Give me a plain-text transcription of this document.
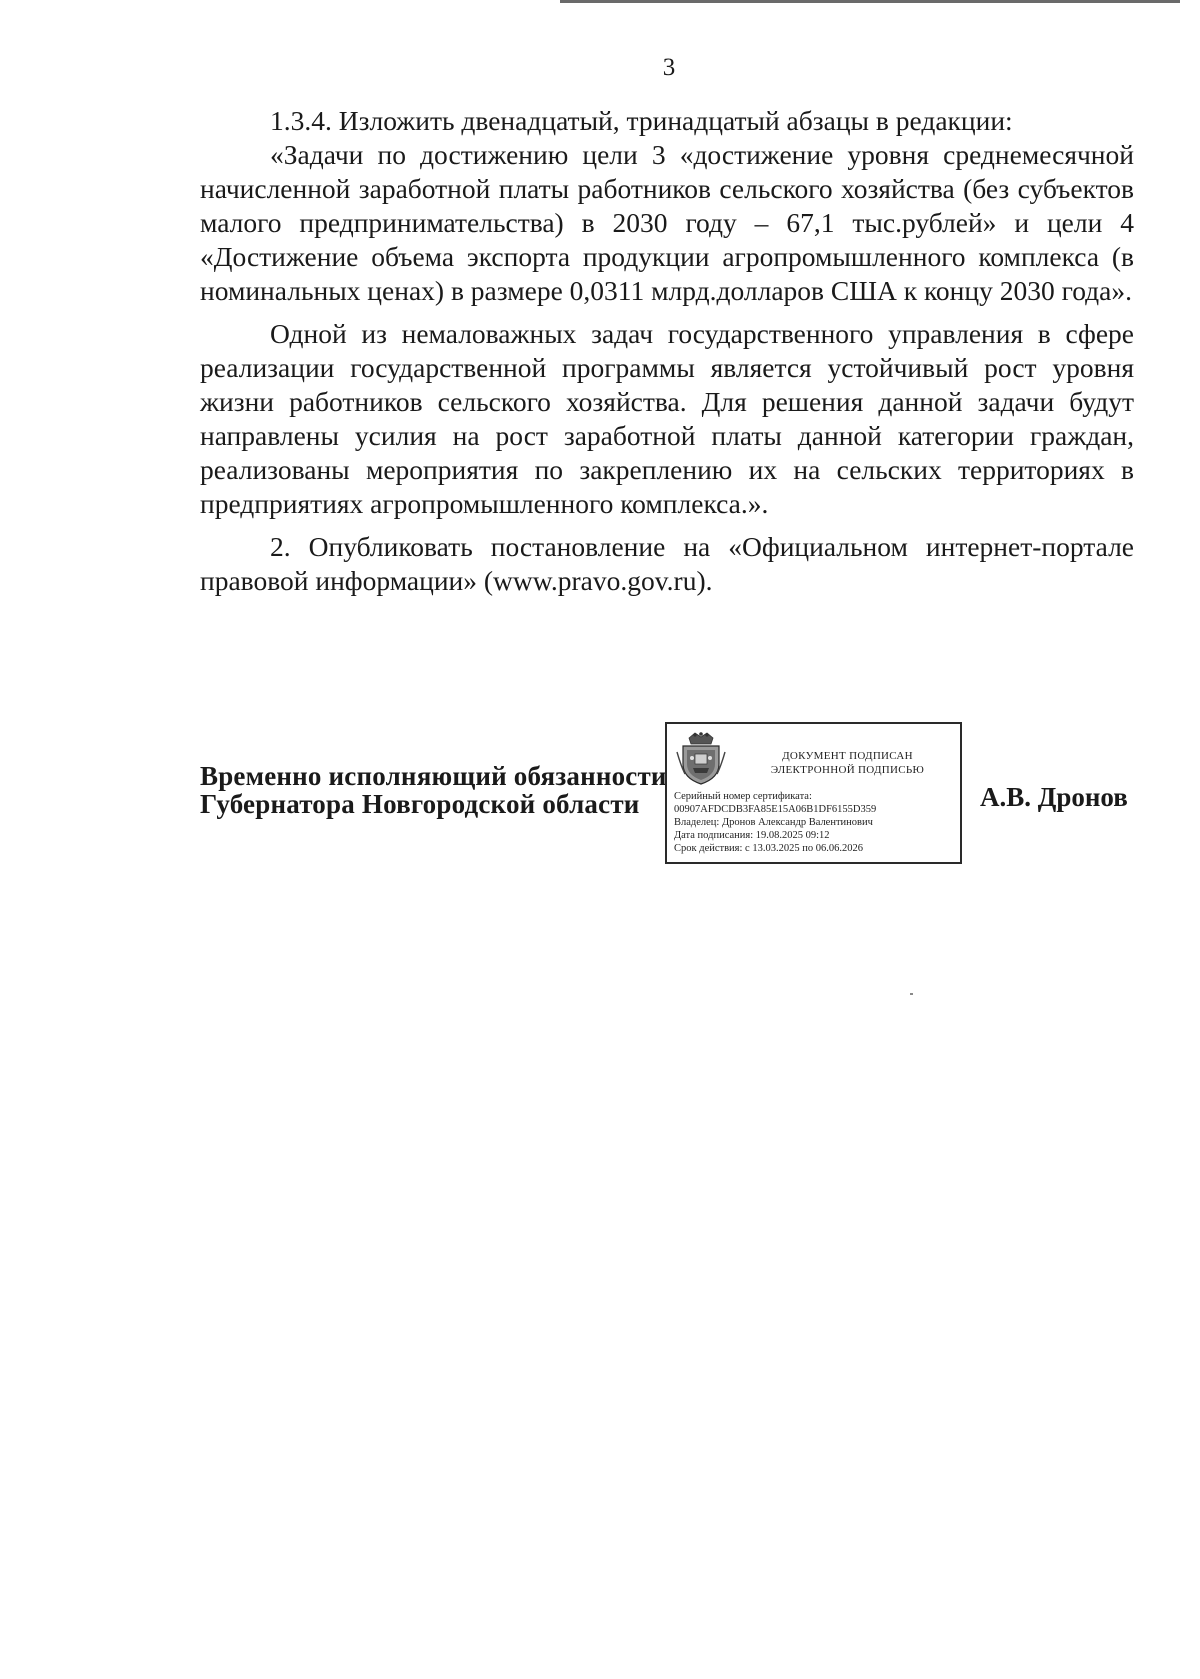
3

1.3.4. Изложить двенадцатый, тринадцатый абзацы в редакции:

«Задачи по достижению цели 3 «достижение уровня среднемесячной начисленной заработной платы работников сельского хозяйства (без субъектов малого предпринимательства) в 2030 году – 67,1 тыс.рублей» и цели 4 «Достижение объема экспорта продукции агропромышленного комплекса (в номинальных ценах) в размере 0,0311 млрд.долларов США к концу 2030 года».

Одной из немаловажных задач государственного управления в сфере реализации государственной программы является устойчивый рост уровня жизни работников сельского хозяйства. Для решения данной задачи будут направлены усилия на рост заработной платы данной категории граждан, реализованы мероприятия по закреплению их на сельских территориях в предприятиях агропромышленного комплекса.».

2. Опубликовать постановление на «Официальном интернет-портале правовой информации» (www.pravo.gov.ru).

Временно исполняющий обязанности
Губернатора Новгородской области
ДОКУМЕНТ ПОДПИСАН
ЭЛЕКТРОННОЙ ПОДПИСЬЮ
Серийный номер сертификата:
00907AFDCDB3FA85E15A06B1DF6155D359
Владелец: Дронов Александр Валентинович
Дата подписания: 19.08.2025 09:12
Срок действия: с 13.03.2025 по 06.06.2026
А.В. Дронов
